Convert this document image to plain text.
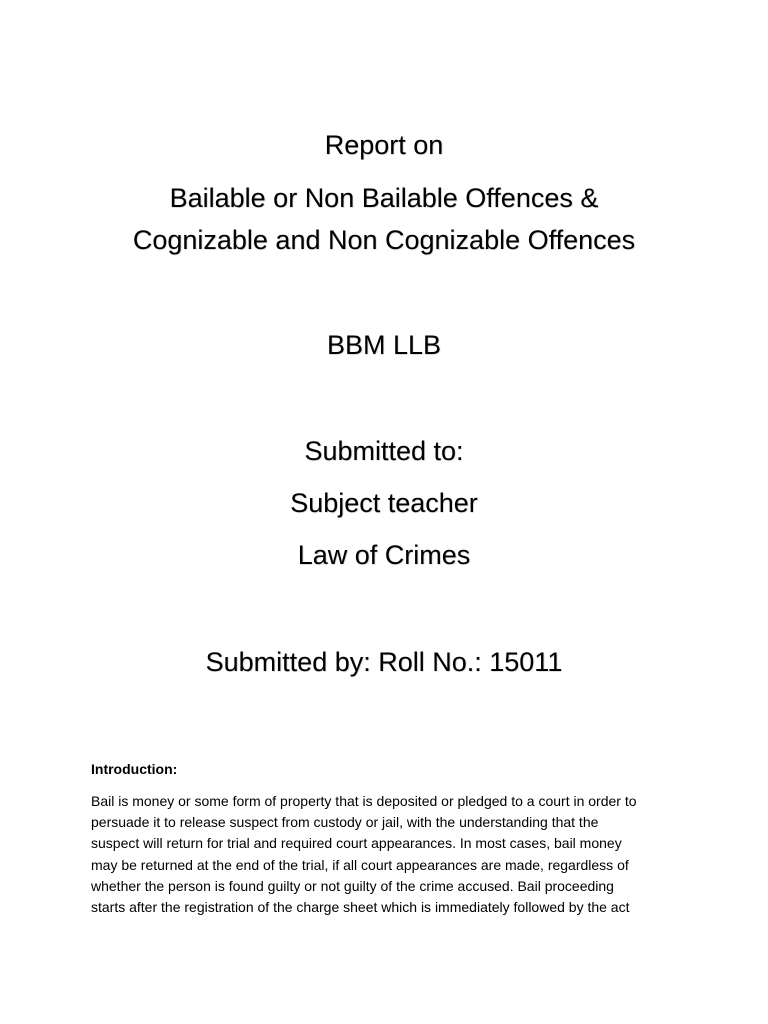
Report on
Bailable or Non Bailable Offences &
Cognizable and Non Cognizable Offences
BBM LLB
Submitted to:
Subject teacher
Law of Crimes
Submitted by: Roll No.: 15011
Introduction:
Bail is money or some form of property that is deposited or pledged to a court in order to
persuade it to release suspect from custody or jail, with the understanding that the
suspect will return for trial and required court appearances. In most cases, bail money
may be returned at the end of the trial, if all court appearances are made, regardless of
whether the person is found guilty or not guilty of the crime accused. Bail proceeding
starts after the registration of the charge sheet which is immediately followed by the act
